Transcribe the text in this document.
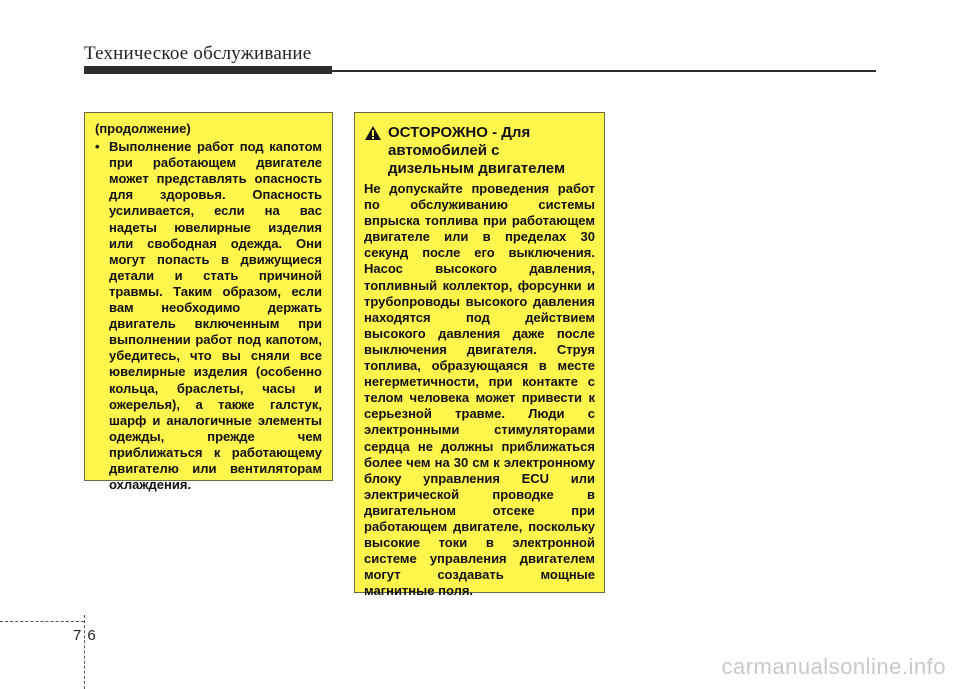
Техническое обслуживание
(продолжение)
• Выполнение работ под капотом при работающем двигателе может представлять опасность для здоровья. Опасность усиливается, если на вас надеты ювелирные изделия или свободная одежда. Они могут попасть в движущиеся детали и стать причиной травмы. Таким образом, если вам необходимо держать двигатель включенным при выполнении работ под капотом, убедитесь, что вы сняли все ювелирные изделия (особенно кольца, браслеты, часы и ожерелья), а также галстук, шарф и аналогичные элементы одежды, прежде чем приближаться к работающему двигателю или вентиляторам охлаждения.
ОСТОРОЖНО - Для
автомобилей с
дизельным двигателем
Не допускайте проведения работ по обслуживанию системы впрыска топлива при работающем двигателе или в пределах 30 секунд после его выключения. Насос высокого давления, топливный коллектор, форсунки и трубопроводы высокого давления находятся под действием высокого давления даже после выключения двигателя. Струя топлива, образующаяся в месте негерметичности, при контакте с телом человека может привести к серьезной травме. Люди с электронными стимуляторами сердца не должны приближаться более чем на 30 см к электронному блоку управления ECU или электрической проводке в двигательном отсеке при работающем двигателе, поскольку высокие токи в электронной системе управления двигателем могут создавать мощные магнитные поля.
76
carmanualsonline.info
